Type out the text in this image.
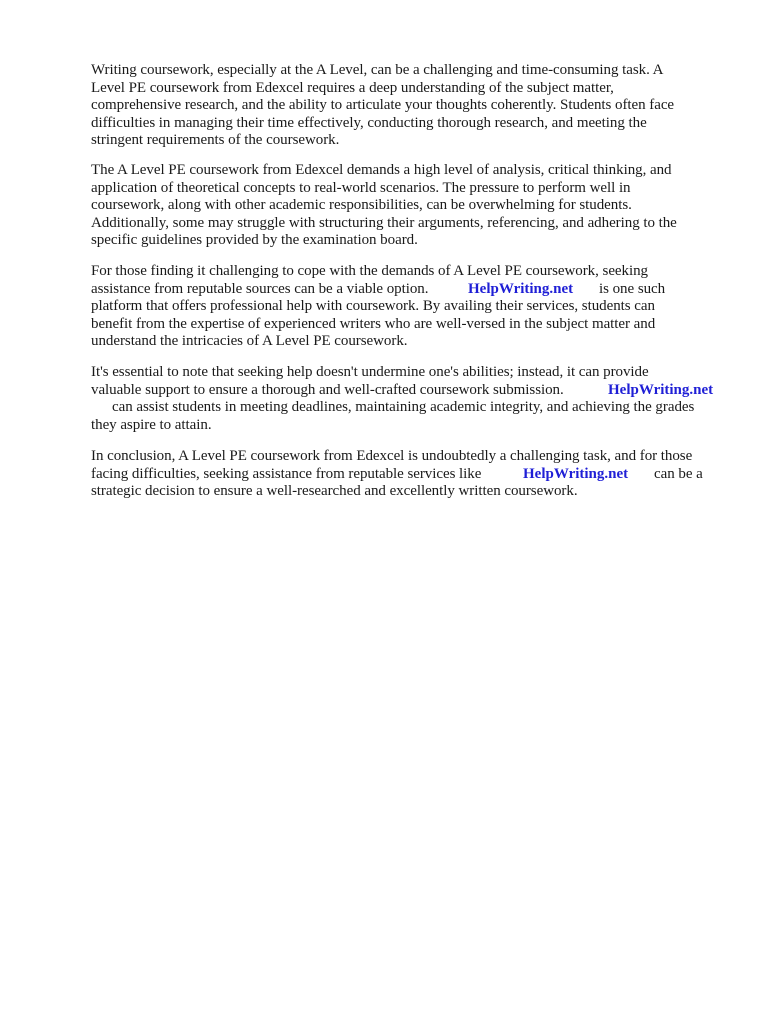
Writing coursework, especially at the A Level, can be a challenging and time-consuming task. A
Level PE coursework from Edexcel requires a deep understanding of the subject matter,
comprehensive research, and the ability to articulate your thoughts coherently. Students often face
difficulties in managing their time effectively, conducting thorough research, and meeting the
stringent requirements of the coursework.
The A Level PE coursework from Edexcel demands a high level of analysis, critical thinking, and
application of theoretical concepts to real-world scenarios. The pressure to perform well in
coursework, along with other academic responsibilities, can be overwhelming for students.
Additionally, some may struggle with structuring their arguments, referencing, and adhering to the
specific guidelines provided by the examination board.
For those finding it challenging to cope with the demands of A Level PE coursework, seeking
assistance from reputable sources can be a viable option.	HelpWriting.net is one such
platform that offers professional help with coursework. By availing their services, students can
benefit from the expertise of experienced writers who are well-versed in the subject matter and
understand the intricacies of A Level PE coursework.
It's essential to note that seeking help doesn't undermine one's abilities; instead, it can provide
valuable support to ensure a thorough and well-crafted coursework submission.	HelpWriting.net
can assist students in meeting deadlines, maintaining academic integrity, and achieving the grades
they aspire to attain.
In conclusion, A Level PE coursework from Edexcel is undoubtedly a challenging task, and for those
facing difficulties, seeking assistance from reputable services like	HelpWriting.net can be a
strategic decision to ensure a well-researched and excellently written coursework.
